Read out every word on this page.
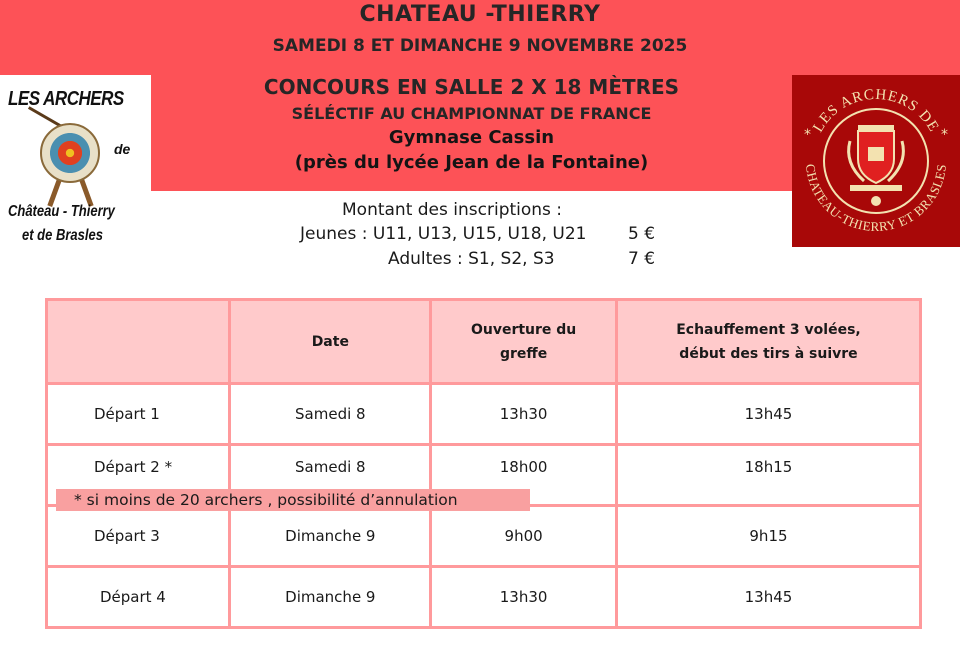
CHATEAU -THIERRY
SAMEDI 8 ET DIMANCHE 9 NOVEMBRE 2025
CONCOURS EN SALLE 2 X 18 MÈTRES
SÉLÉCTIF AU CHAMPIONNAT DE FRANCE
Gymnase Cassin
(près du lycée Jean de la Fontaine)
LES ARCHERS
de
Château - Thierry
et de Brasles
LES ARCHERS DE
CHATEAU-THIERRY ET BRASLES
*	*
Montant des inscriptions :
Jeunes : U11, U13, U15, U18, U21 5 €
Adultes : S1, S2, S3	7 €
	Date	Ouverture du greffe	Echauffement 3 volées, début des tirs à suivre
Départ 1	Samedi 8	13h30	13h45
Départ 2 *	Samedi 8	18h00	18h15
Départ 3	Dimanche 9	9h00	9h15
Départ 4	Dimanche 9	13h30	13h45
* si moins de 20 archers , possibilité d’annulation
